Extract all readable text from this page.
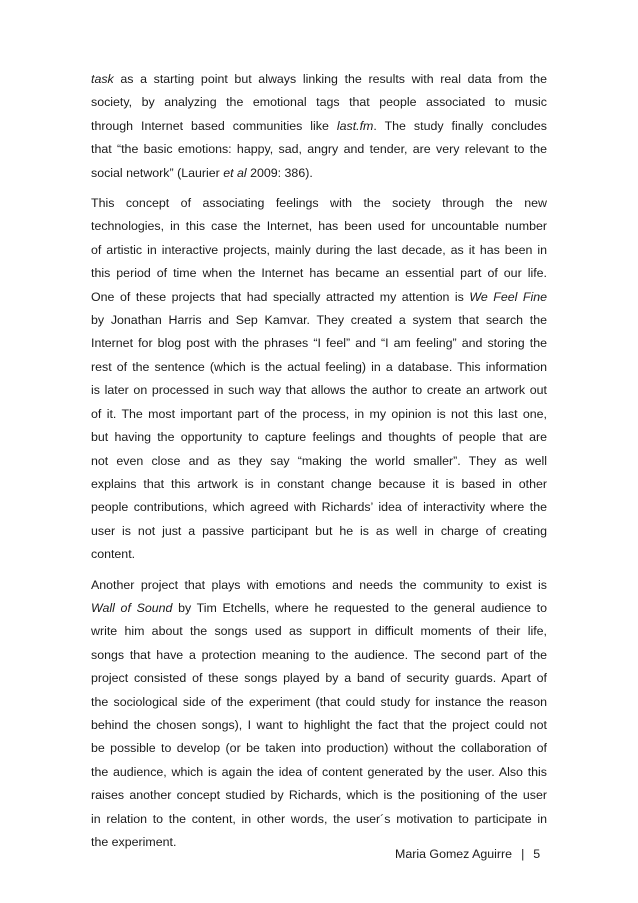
task as a starting point but always linking the results with real data from the
society, by analyzing the emotional tags that people associated to music
through Internet based communities like last.fm. The study finally concludes
that “the basic emotions: happy, sad, angry and tender, are very relevant to the
social network” (Laurier et al 2009: 386).
This concept of associating feelings with the society through the new
technologies, in this case the Internet, has been used for uncountable number
of artistic in interactive projects, mainly during the last decade, as it has been in
this period of time when the Internet has became an essential part of our life.
One of these projects that had specially attracted my attention is We Feel Fine
by Jonathan Harris and Sep Kamvar. They created a system that search the
Internet for blog post with the phrases “I feel” and “I am feeling” and storing the
rest of the sentence (which is the actual feeling) in a database. This information
is later on processed in such way that allows the author to create an artwork out
of it. The most important part of the process, in my opinion is not this last one,
but having the opportunity to capture feelings and thoughts of people that are
not even close and as they say “making the world smaller”. They as well
explains that this artwork is in constant change because it is based in other
people contributions, which agreed with Richards’ idea of interactivity where the
user is not just a passive participant but he is as well in charge of creating
content.
Another project that plays with emotions and needs the community to exist is
Wall of Sound by Tim Etchells, where he requested to the general audience to
write him about the songs used as support in difficult moments of their life,
songs that have a protection meaning to the audience. The second part of the
project consisted of these songs played by a band of security guards. Apart of
the sociological side of the experiment (that could study for instance the reason
behind the chosen songs), I want to highlight the fact that the project could not
be possible to develop (or be taken into production) without the collaboration of
the audience, which is again the idea of content generated by the user. Also this
raises another concept studied by Richards, which is the positioning of the user
in relation to the content, in other words, the user´s motivation to participate in
the experiment.
Maria Gomez Aguirre | 5
